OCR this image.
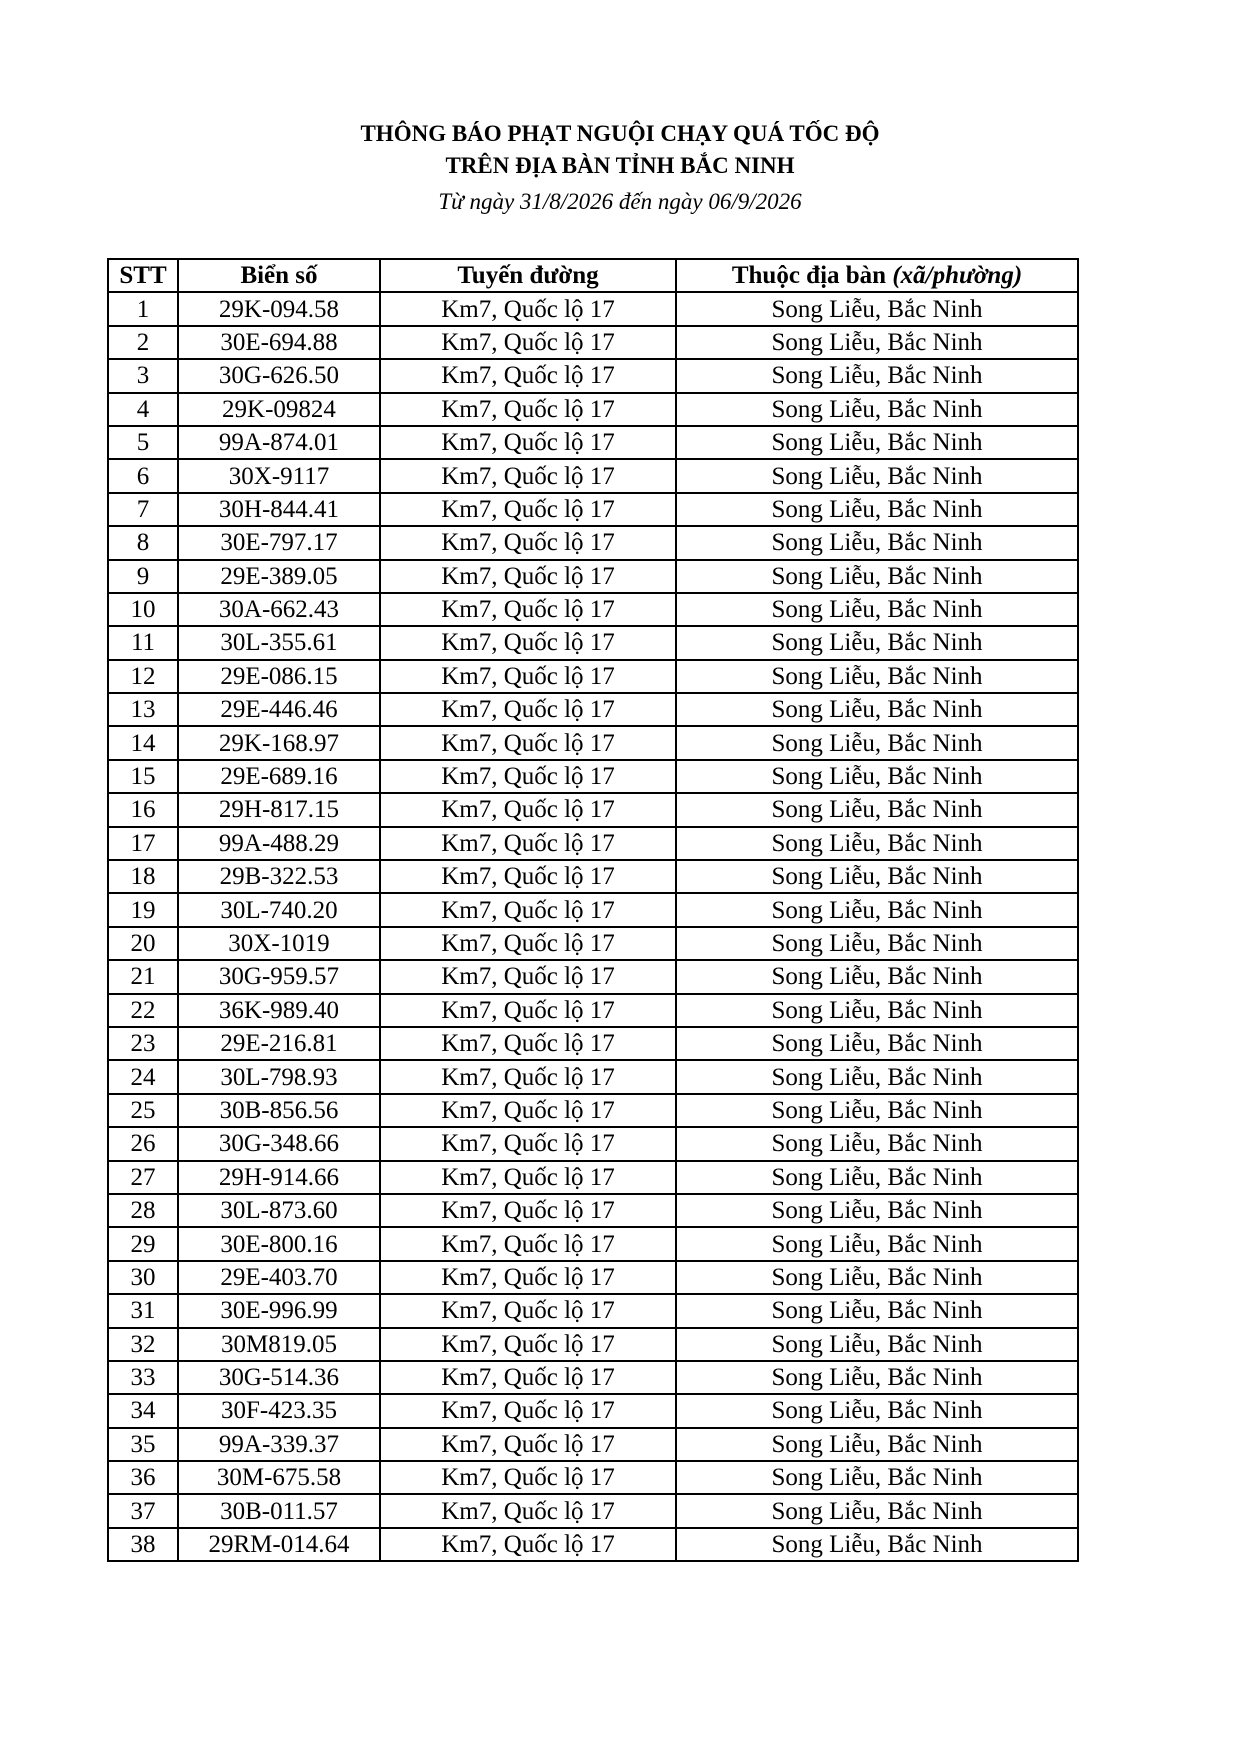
THÔNG BÁO PHẠT NGUỘI CHẠY QUÁ TỐC ĐỘ
TRÊN ĐỊA BÀN TỈNH BẮC NINH
Từ ngày 31/8/2026 đến ngày 06/9/2026
STT	Biển số	Tuyến đường	Thuộc địa bàn (xã/phường)
1	29K-094.58	Km7, Quốc lộ 17	Song Liễu, Bắc Ninh
2	30E-694.88	Km7, Quốc lộ 17	Song Liễu, Bắc Ninh
3	30G-626.50	Km7, Quốc lộ 17	Song Liễu, Bắc Ninh
4	29K-09824	Km7, Quốc lộ 17	Song Liễu, Bắc Ninh
5	99A-874.01	Km7, Quốc lộ 17	Song Liễu, Bắc Ninh
6	30X-9117	Km7, Quốc lộ 17	Song Liễu, Bắc Ninh
7	30H-844.41	Km7, Quốc lộ 17	Song Liễu, Bắc Ninh
8	30E-797.17	Km7, Quốc lộ 17	Song Liễu, Bắc Ninh
9	29E-389.05	Km7, Quốc lộ 17	Song Liễu, Bắc Ninh
10	30A-662.43	Km7, Quốc lộ 17	Song Liễu, Bắc Ninh
11	30L-355.61	Km7, Quốc lộ 17	Song Liễu, Bắc Ninh
12	29E-086.15	Km7, Quốc lộ 17	Song Liễu, Bắc Ninh
13	29E-446.46	Km7, Quốc lộ 17	Song Liễu, Bắc Ninh
14	29K-168.97	Km7, Quốc lộ 17	Song Liễu, Bắc Ninh
15	29E-689.16	Km7, Quốc lộ 17	Song Liễu, Bắc Ninh
16	29H-817.15	Km7, Quốc lộ 17	Song Liễu, Bắc Ninh
17	99A-488.29	Km7, Quốc lộ 17	Song Liễu, Bắc Ninh
18	29B-322.53	Km7, Quốc lộ 17	Song Liễu, Bắc Ninh
19	30L-740.20	Km7, Quốc lộ 17	Song Liễu, Bắc Ninh
20	30X-1019	Km7, Quốc lộ 17	Song Liễu, Bắc Ninh
21	30G-959.57	Km7, Quốc lộ 17	Song Liễu, Bắc Ninh
22	36K-989.40	Km7, Quốc lộ 17	Song Liễu, Bắc Ninh
23	29E-216.81	Km7, Quốc lộ 17	Song Liễu, Bắc Ninh
24	30L-798.93	Km7, Quốc lộ 17	Song Liễu, Bắc Ninh
25	30B-856.56	Km7, Quốc lộ 17	Song Liễu, Bắc Ninh
26	30G-348.66	Km7, Quốc lộ 17	Song Liễu, Bắc Ninh
27	29H-914.66	Km7, Quốc lộ 17	Song Liễu, Bắc Ninh
28	30L-873.60	Km7, Quốc lộ 17	Song Liễu, Bắc Ninh
29	30E-800.16	Km7, Quốc lộ 17	Song Liễu, Bắc Ninh
30	29E-403.70	Km7, Quốc lộ 17	Song Liễu, Bắc Ninh
31	30E-996.99	Km7, Quốc lộ 17	Song Liễu, Bắc Ninh
32	30M819.05	Km7, Quốc lộ 17	Song Liễu, Bắc Ninh
33	30G-514.36	Km7, Quốc lộ 17	Song Liễu, Bắc Ninh
34	30F-423.35	Km7, Quốc lộ 17	Song Liễu, Bắc Ninh
35	99A-339.37	Km7, Quốc lộ 17	Song Liễu, Bắc Ninh
36	30M-675.58	Km7, Quốc lộ 17	Song Liễu, Bắc Ninh
37	30B-011.57	Km7, Quốc lộ 17	Song Liễu, Bắc Ninh
38	29RM-014.64	Km7, Quốc lộ 17	Song Liễu, Bắc Ninh
